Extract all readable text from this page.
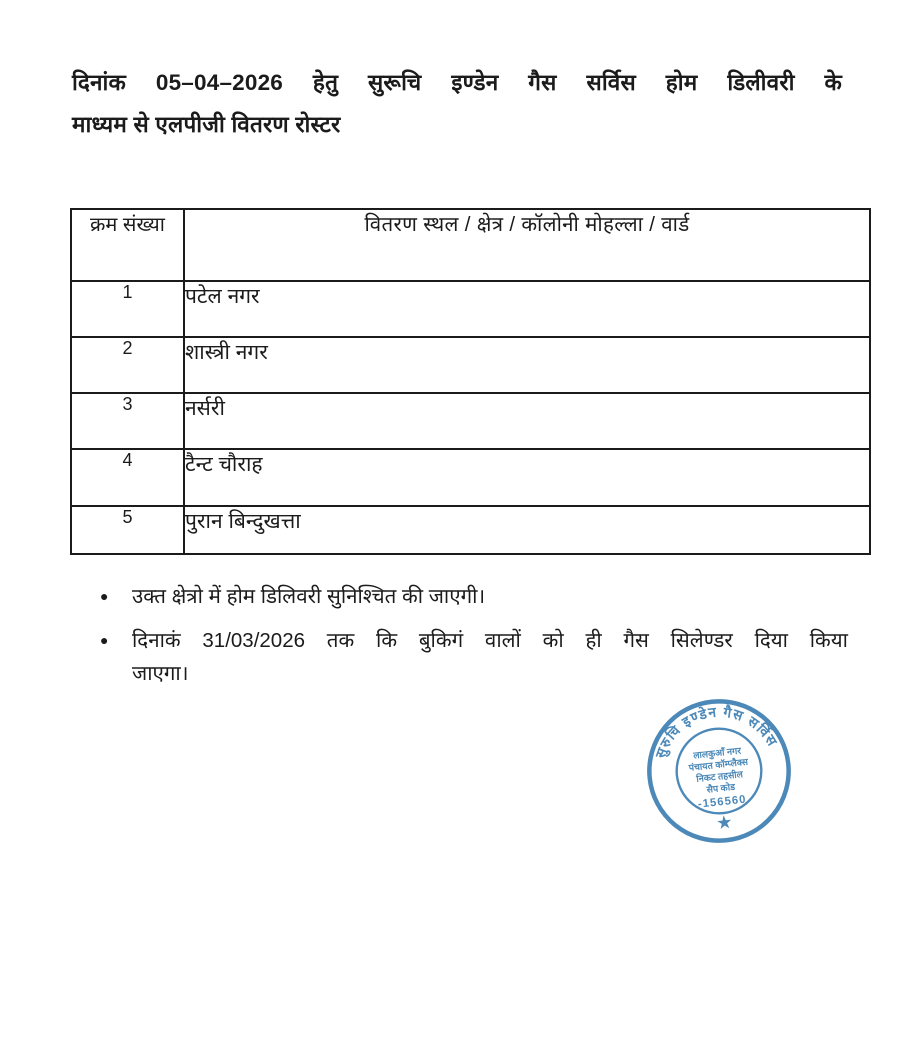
दिनांक 05–04–2026 हेतु सुरूचि इण्डेन गैस सर्विस होम डिलीवरी के
माध्यम से एलपीजी वितरण रोस्टर
क्रम संख्या	वितरण स्थल / क्षेत्र / कॉलोनी मोहल्ला / वार्ड
1	पटेल नगर
2	शास्त्री नगर
3	नर्सरी
4	टैन्ट चौराह
5	पुरान बिन्दुखत्ता
●	उक्त क्षेत्रो में होम डिलिवरी सुनिश्चित की जाएगी।
●	दिनाकं 31/03/2026 तक कि बुकिगं वालों को ही गैस सिलेण्डर दिया किया
जाएगा।
सुरुचि इण्डेन गैस सर्विस
लालकुआँ नगर
पंचायत कॉम्प्लैक्स
निकट तहसील
सैप कोड
-156560
★
